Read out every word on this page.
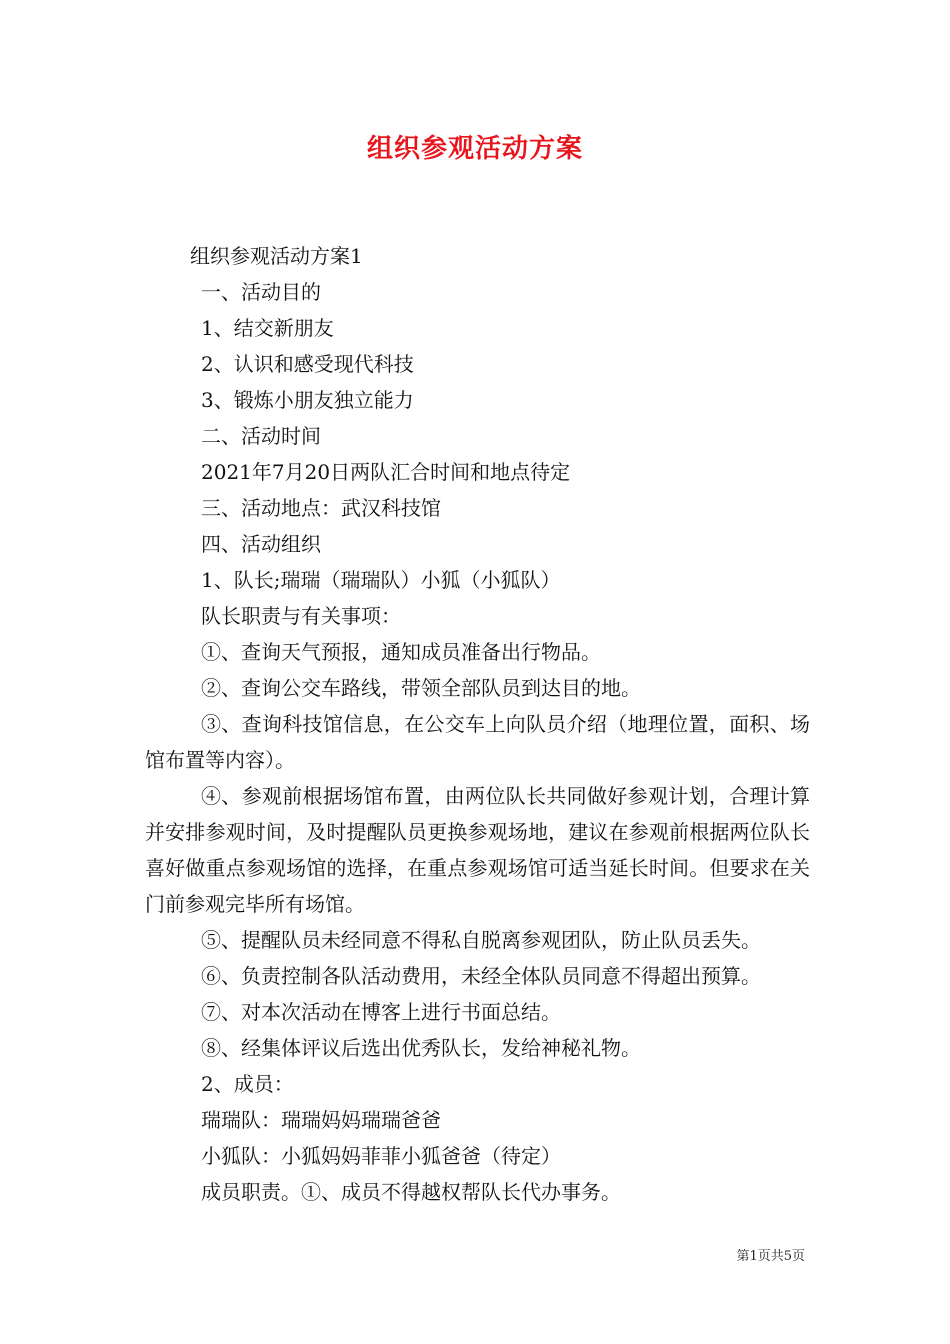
组织参观活动方案

组织参观活动方案1

一、活动目的

1、结交新朋友

2、认识和感受现代科技

3、锻炼小朋友独立能力

二、活动时间

2021年7月20日两队汇合时间和地点待定

三、活动地点：武汉科技馆

四、活动组织

1、队长;瑞瑞（瑞瑞队）小狐（小狐队）

队长职责与有关事项：

①、查询天气预报，通知成员准备出行物品。

②、查询公交车路线，带领全部队员到达目的地。

③、查询科技馆信息，在公交车上向队员介绍（地理位置，面积、场馆布置等内容）。

④、参观前根据场馆布置，由两位队长共同做好参观计划，合理计算并安排参观时间，及时提醒队员更换参观场地，建议在参观前根据两位队长喜好做重点参观场馆的选择，在重点参观场馆可适当延长时间。但要求在关门前参观完毕所有场馆。

⑤、提醒队员未经同意不得私自脱离参观团队，防止队员丢失。

⑥、负责控制各队活动费用，未经全体队员同意不得超出预算。

⑦、对本次活动在博客上进行书面总结。

⑧、经集体评议后选出优秀队长，发给神秘礼物。

2、成员：

瑞瑞队：瑞瑞妈妈瑞瑞爸爸

小狐队：小狐妈妈菲菲小狐爸爸（待定）

成员职责。①、成员不得越权帮队长代办事务。

第1页共5页
